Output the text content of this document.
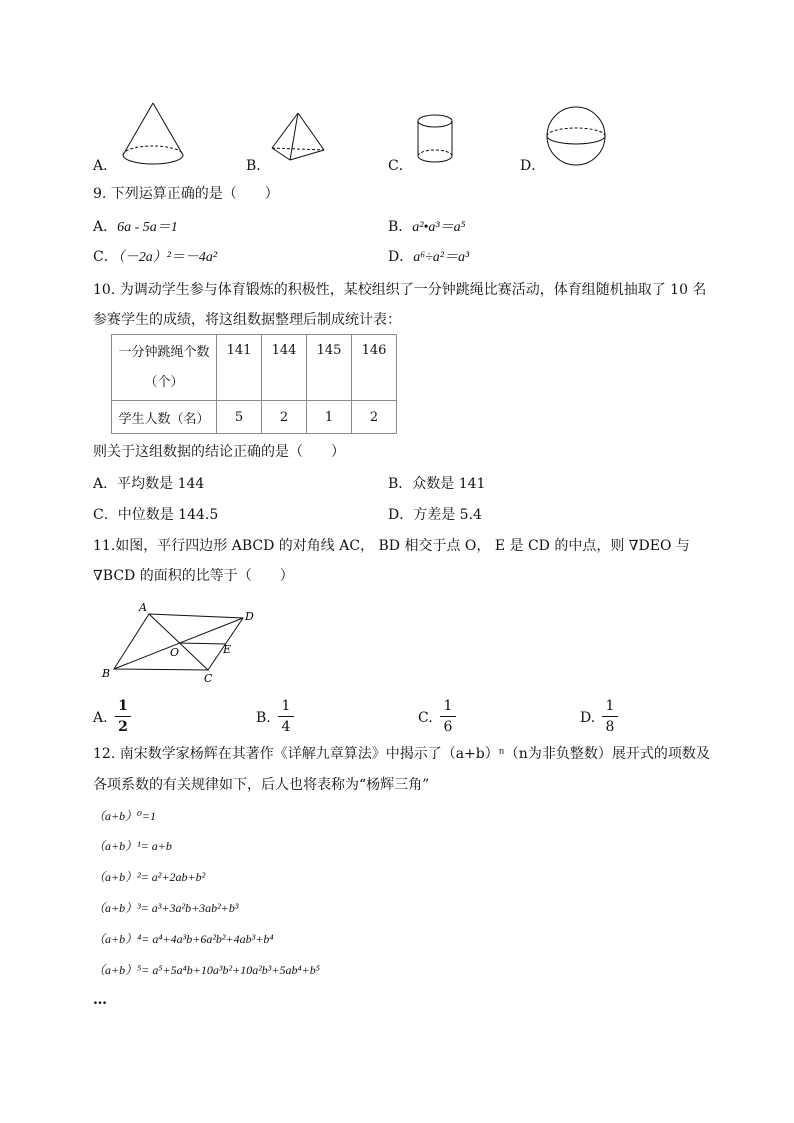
A．	B．	C．	D．
9. 下列运算正确的是（　　）
A．6a - 5a＝1	B．a²•a³＝a⁵
C．（－2a）²＝－4a²	D．a⁶÷a²＝a³
10. 为调动学生参与体育锻炼的积极性，某校组织了一分钟跳绳比赛活动，体育组随机抽取了 10 名
参赛学生的成绩，将这组数据整理后制成统计表：
一分钟跳绳个数
（个）	141	144	145	146
学生人数（名）	5	2	1	2
则关于这组数据的结论正确的是（　　）
A．平均数是 144	B．众数是 141
C．中位数是 144.5	D．方差是 5.4
11.如图，平行四边形 ABCD 的对角线 AC， BD 相交于点 O， E 是 CD 的中点，则 ∇DEO 与
∇BCD 的面积的比等于（　　）
A
D
B	C
O	E
A.
1
2
B.
1
4
C.
1
6
D.
1
8
12. 南宋数学家杨辉在其著作《详解九章算法》中揭示了（a+b）ⁿ（n为非负整数）展开式的项数及
各项系数的有关规律如下，后人也将表称为“杨辉三角”
（a+b）⁰=1
（a+b）¹= a+b
（a+b）²= a²+2ab+b²
（a+b）³= a³+3a²b+3ab²+b³
（a+b）⁴= a⁴+4a³b+6a²b²+4ab³+b⁴
（a+b）⁵= a⁵+5a⁴b+10a³b²+10a²b³+5ab⁴+b⁵
…
